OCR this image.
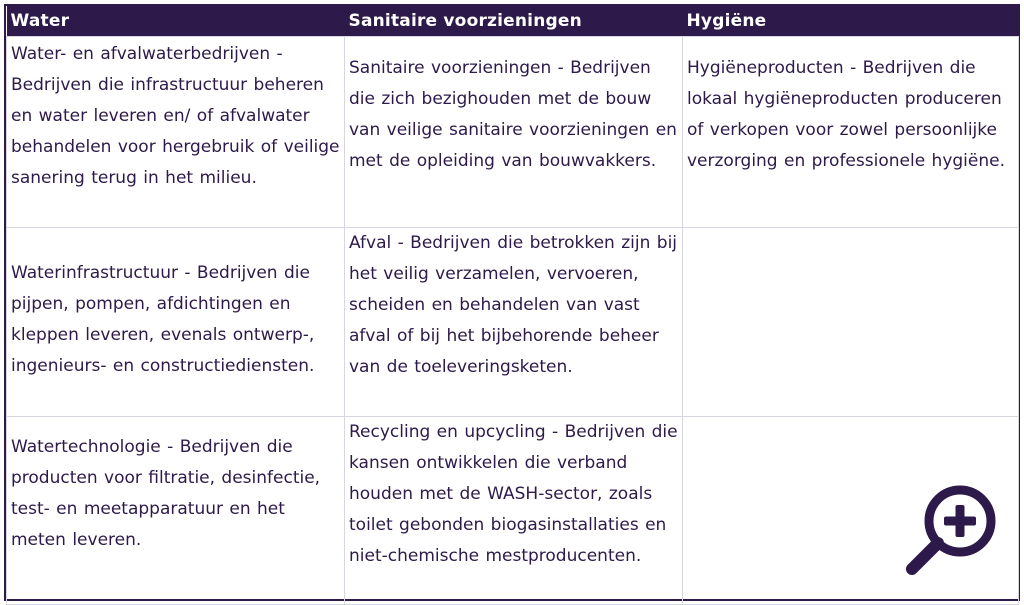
Water	Sanitaire voorzieningen	Hygiëne

Water- en afvalwaterbedrijven - Bedrijven die infrastructuur beheren en water leveren en/ of afvalwater behandelen voor hergebruik of veilige sanering terug in het milieu.	Sanitaire voorzieningen - Bedrijven die zich bezighouden met de bouw van veilige sanitaire voorzieningen en met de opleiding van bouwvakkers.	Hygiëneproducten - Bedrijven die lokaal hygiëneproducten produceren of verkopen voor zowel persoonlijke verzorging en professionele hygiëne.

Waterinfrastructuur - Bedrijven die pijpen, pompen, afdichtingen en kleppen leveren, evenals ontwerp-, ingenieurs- en constructiediensten.	Afval - Bedrijven die betrokken zijn bij het veilig verzamelen, vervoeren, scheiden en behandelen van vast afval of bij het bijbehorende beheer van de toeleveringsketen.	

Watertechnologie - Bedrijven die producten voor filtratie, desinfectie, test- en meetapparatuur en het meten leveren.	Recycling en upcycling - Bedrijven die kansen ontwikkelen die verband houden met de WASH-sector, zoals toilet gebonden biogasinstallaties en niet-chemische mestproducenten.	
